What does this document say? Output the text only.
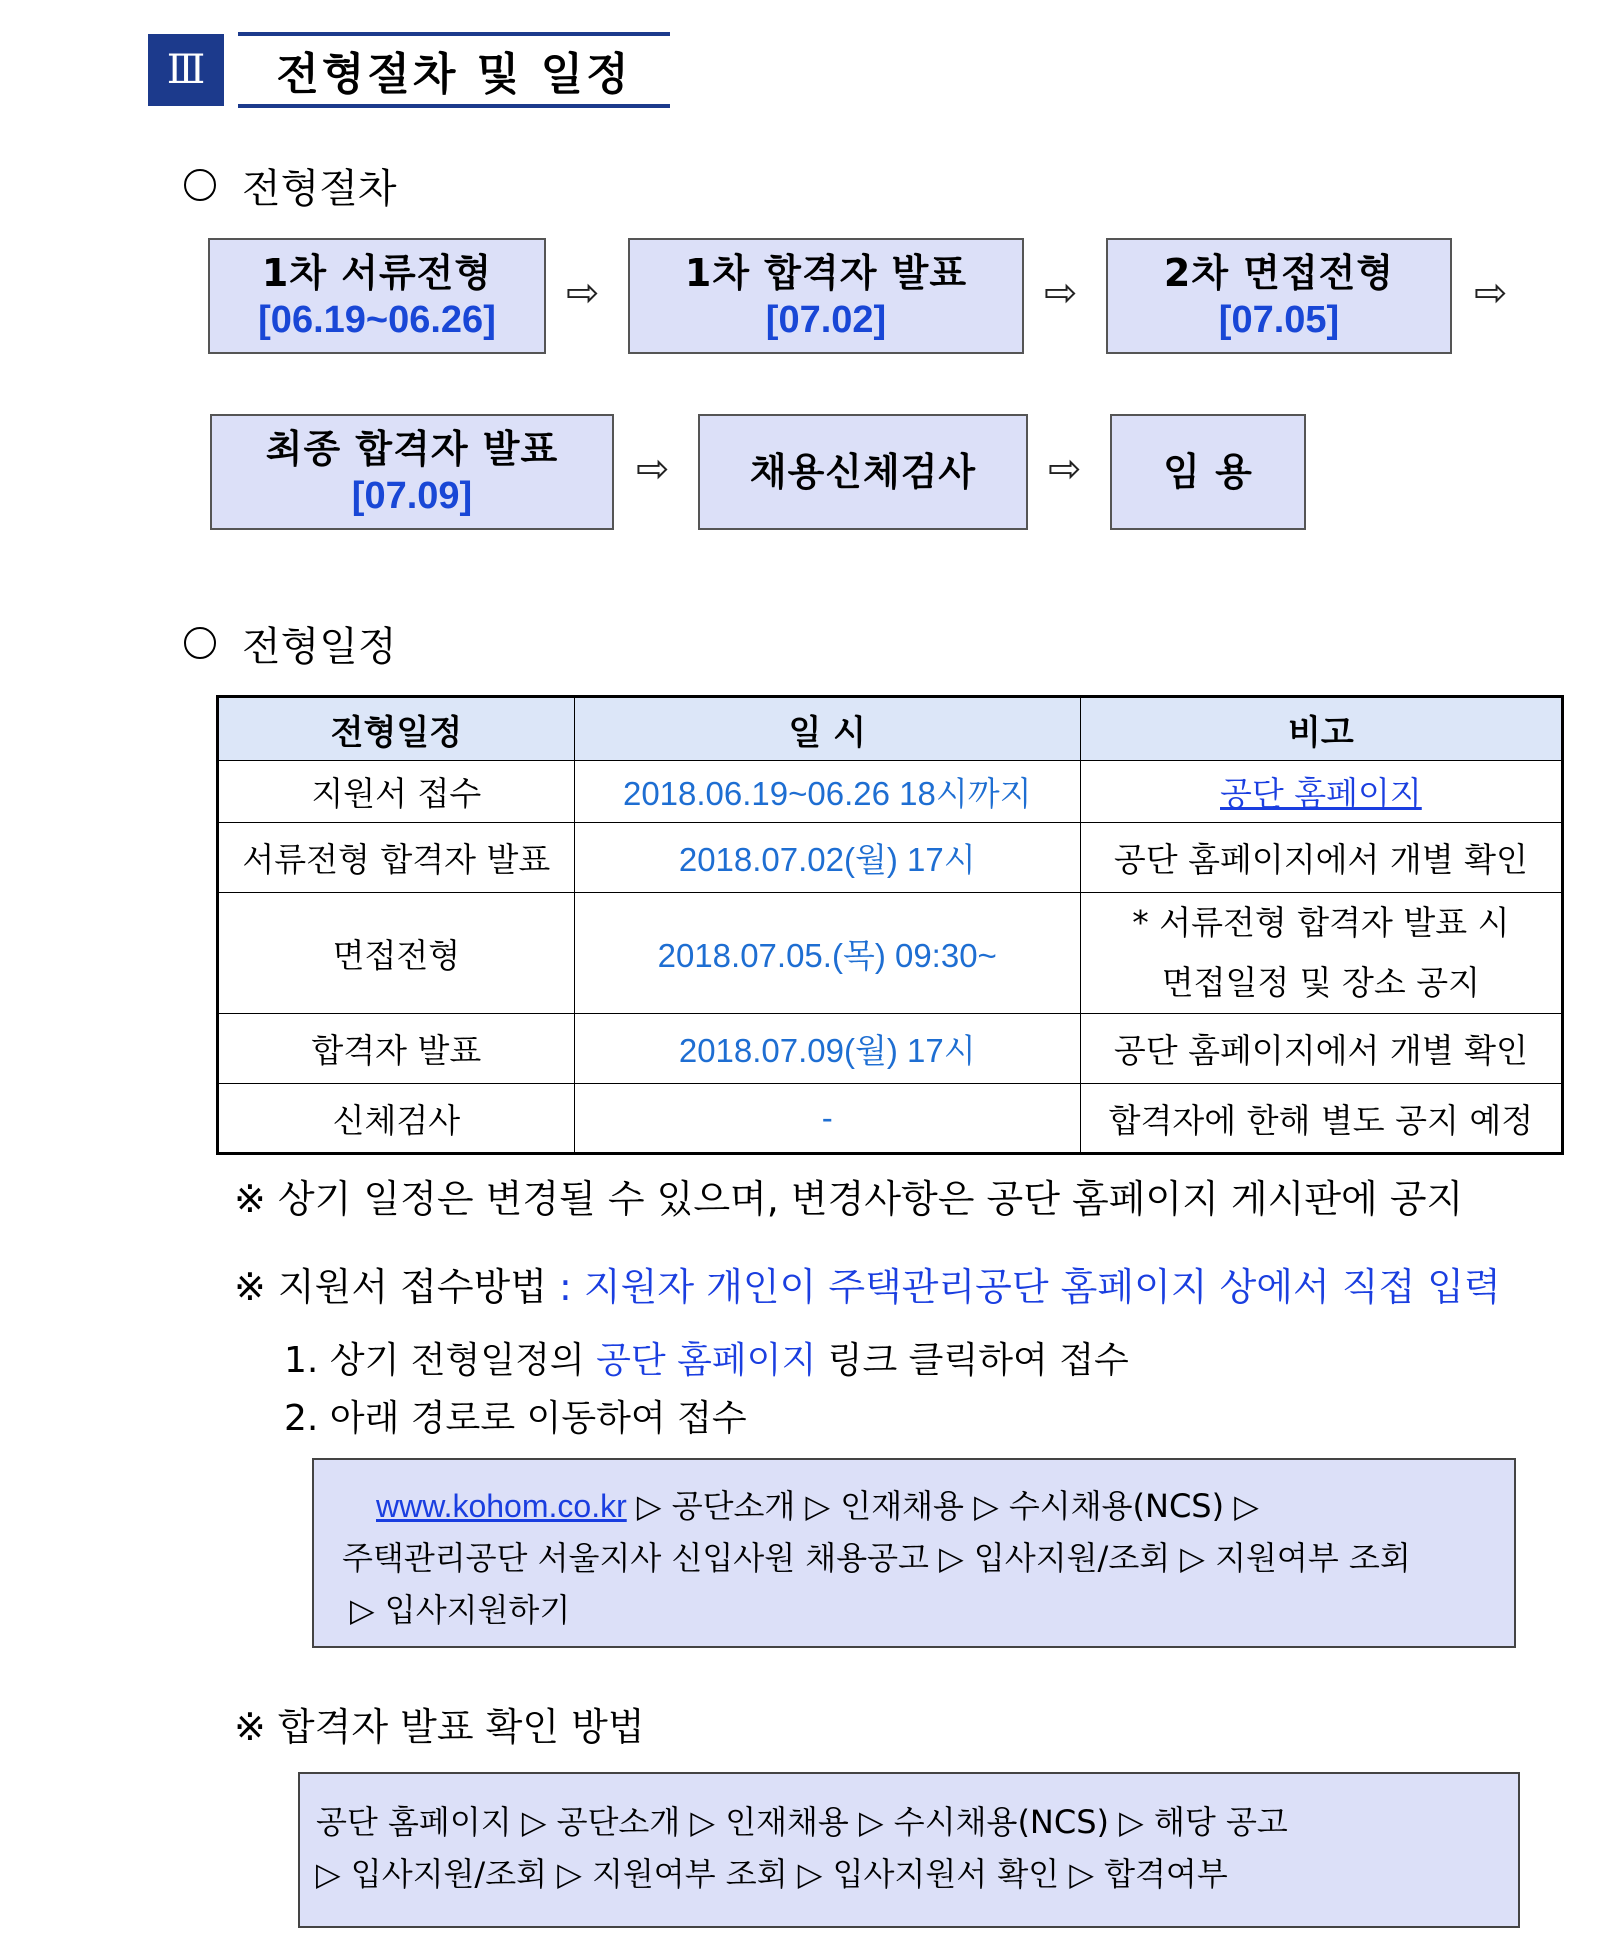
Ⅲ	전형절차 및 일정
전형절차
1차 서류전형
[06.19~06.26]
⇨ 1차 합격자 발표
[07.02]
⇨ 2차 면접전형
[07.05]
⇨
최종 합격자 발표
[07.09]
⇨ 채용신체검사 ⇨ 임 용
전형일정
전형일정	일 시	비고
지원서 접수	2018.06.19~06.26 18시까지	공단 홈페이지
서류전형 합격자 발표	2018.07.02(월) 17시	공단 홈페이지에서 개별 확인
면접전형	2018.07.05.(목) 09:30~	* 서류전형 합격자 발표 시
면접일정 및 장소 공지

합격자 발표	2018.07.09(월) 17시	공단 홈페이지에서 개별 확인
신체검사	-	합격자에 한해 별도 공지 예정
※ 상기 일정은 변경될 수 있으며, 변경사항은 공단 홈페이지 게시판에 공지
※ 지원서 접수방법 : 지원자 개인이 주택관리공단 홈페이지 상에서 직접 입력
1. 상기 전형일정의 공단 홈페이지 링크 클릭하여 접수
2. 아래 경로로 이동하여 접수
www.kohom.co.kr ▷ 공단소개 ▷ 인재채용 ▷ 수시채용(NCS) ▷
주택관리공단 서울지사 신입사원 채용공고 ▷ 입사지원/조회 ▷ 지원여부 조회
▷ 입사지원하기
※ 합격자 발표 확인 방법
공단 홈페이지 ▷ 공단소개 ▷ 인재채용 ▷ 수시채용(NCS) ▷ 해당 공고
▷ 입사지원/조회 ▷ 지원여부 조회 ▷ 입사지원서 확인 ▷ 합격여부
